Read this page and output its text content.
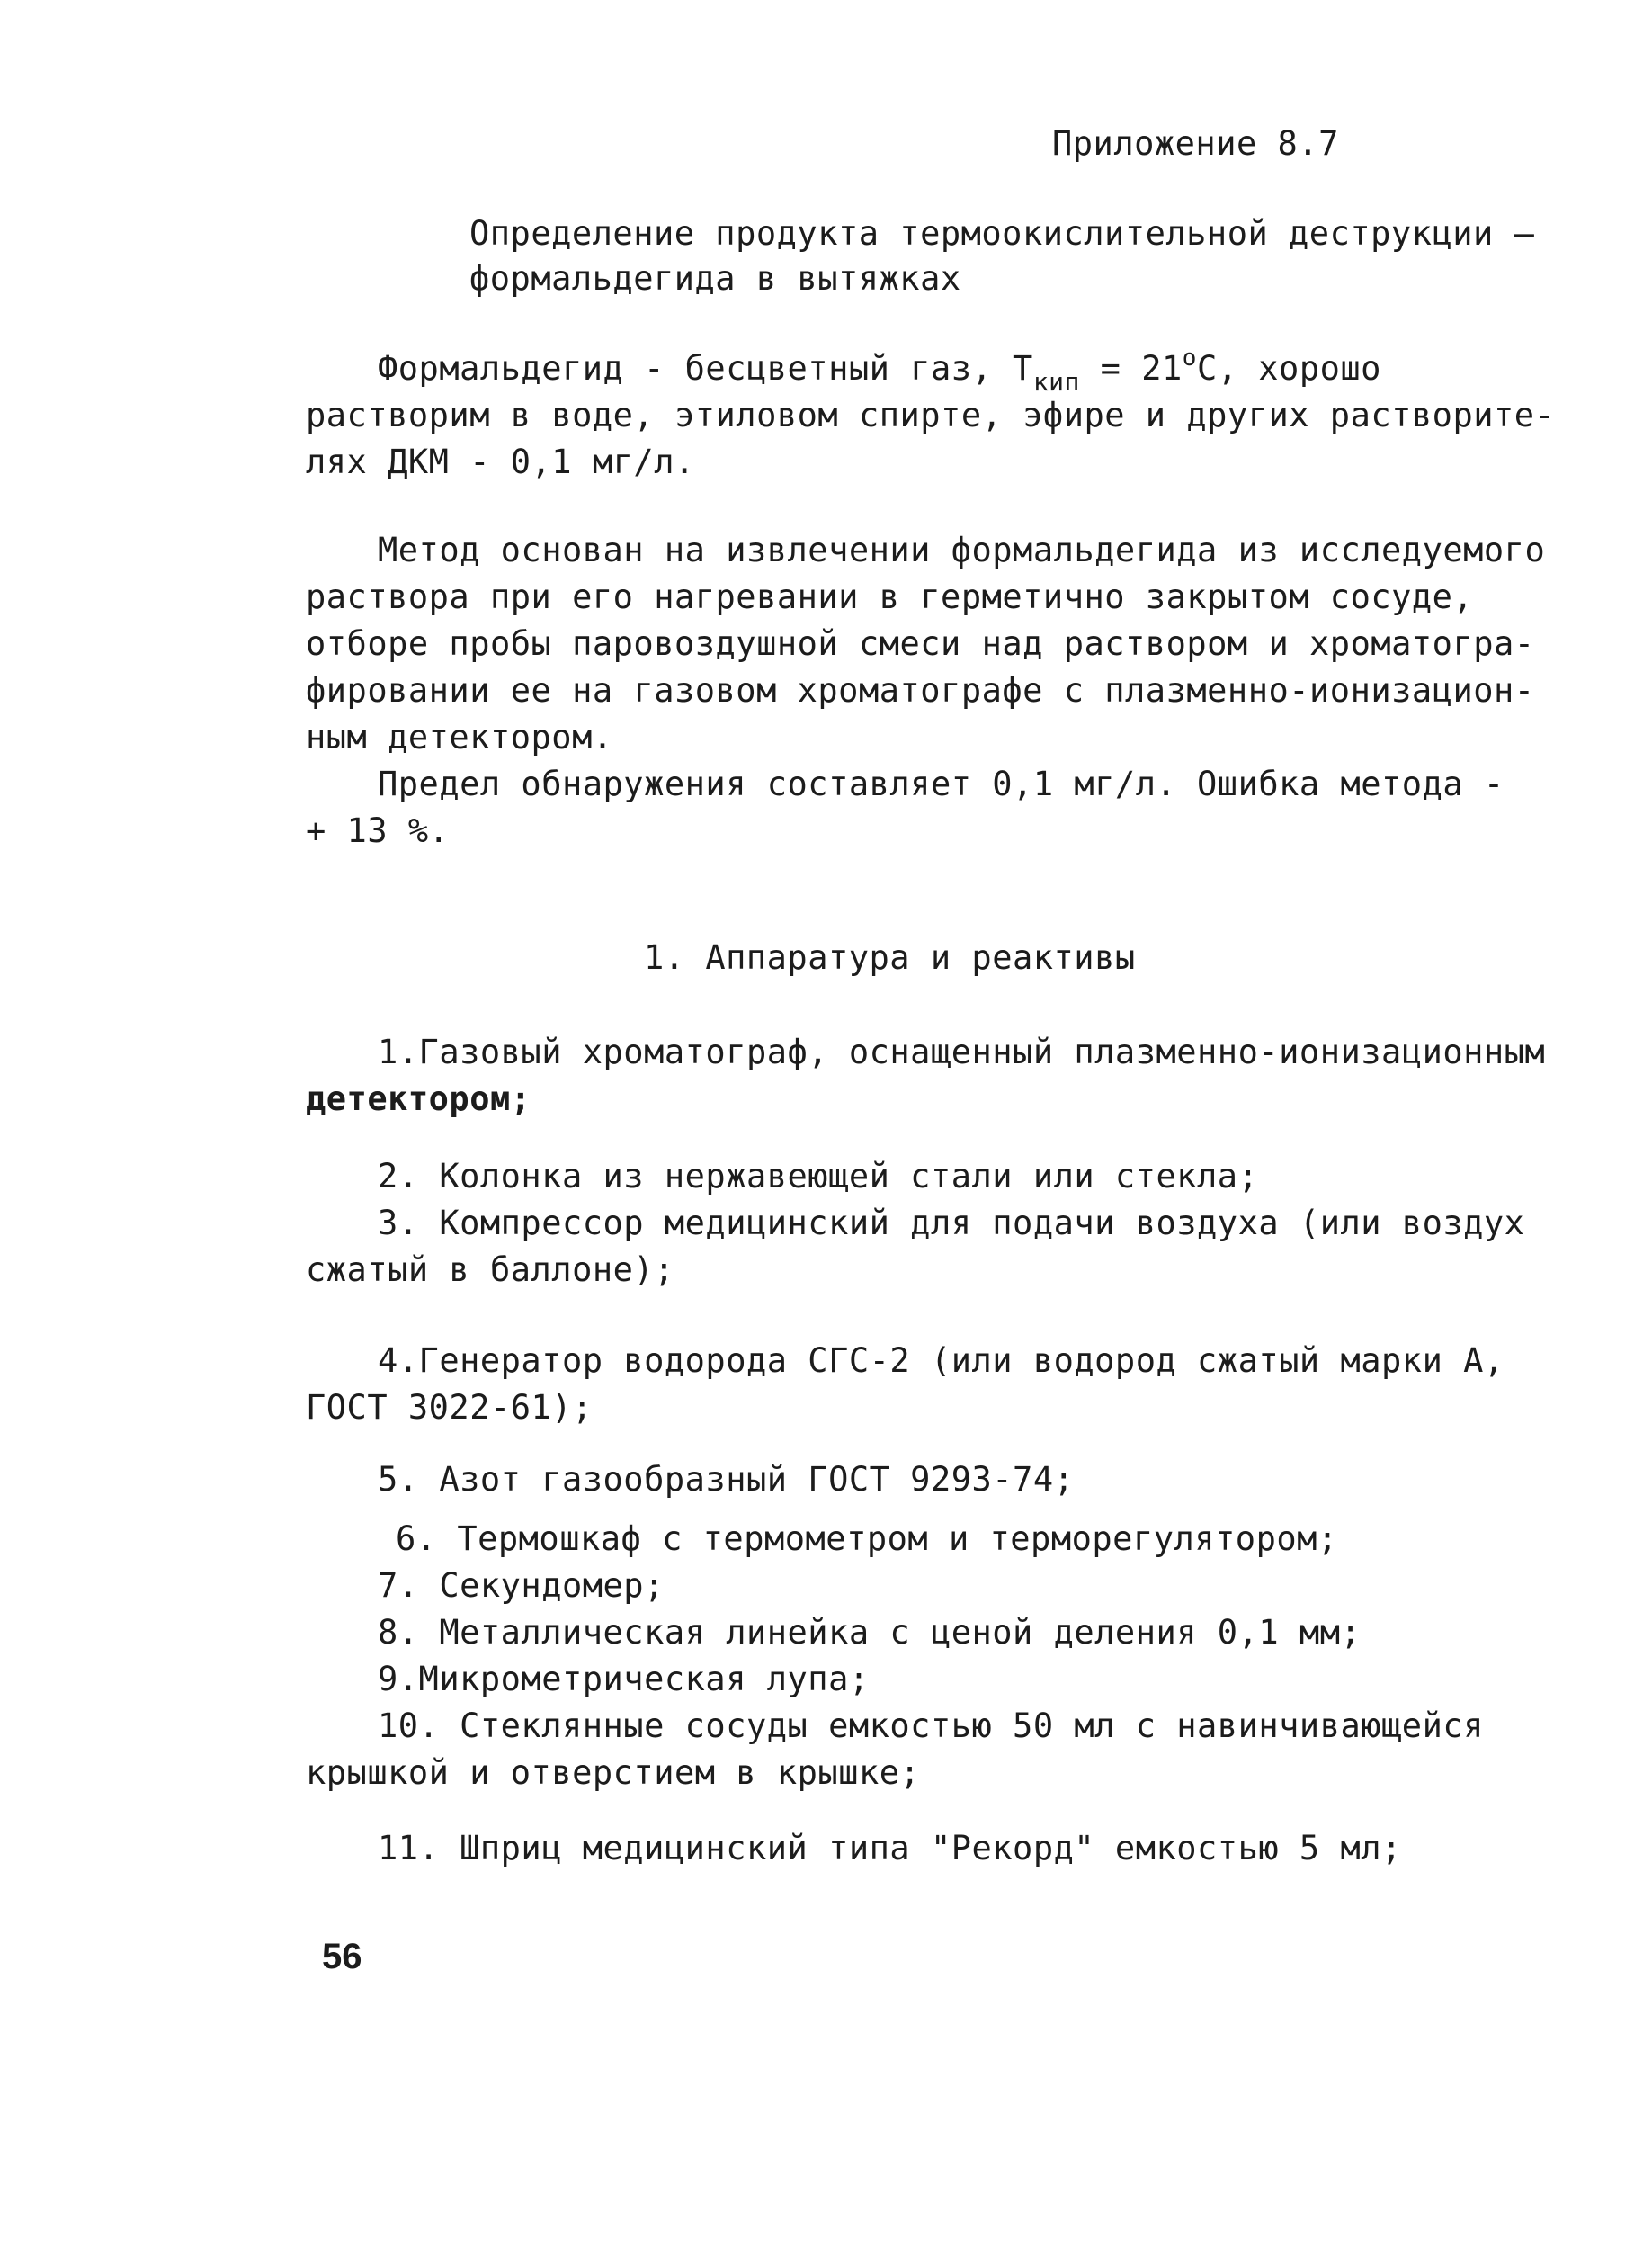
Приложение 8.7
Определение продукта термоокислительной деструкции —
формальдегида в вытяжках
Формальдегид - бесцветный газ, $Т_{кип} = 21^оС$, хорошо
растворим в воде, этиловом спирте, эфире и других растворите-
лях ДКМ - 0,1 мг/л.
Метод основан на извлечении формальдегида из исследуемого
раствора при его нагревании в герметично закрытом сосуде,
отборе пробы паровоздушной смеси над раствором и хроматогра-
фировании ее на газовом хроматографе с плазменно-ионизацион-
ным детектором.
Предел обнаружения составляет 0,1 мг/л. Ошибка метода -
+ 13 %.
1. Аппаратура и реактивы
1.Газовый хроматограф, оснащенный плазменно-ионизационным
детектором;
2. Колонка из нержавеющей стали или стекла;
3. Компрессор медицинский для подачи воздуха (или воздух
сжатый в баллоне);
4.Генератор водорода СГС-2 (или водород сжатый марки А,
ГОСТ 3022-61);
5. Азот газообразный ГОСТ 9293-74;
6. Термошкаф с термометром и терморегулятором;
7. Секундомер;
8. Металлическая линейка с ценой деления 0,1 мм;
9.Микрометрическая лупа;
10. Стеклянные сосуды емкостью 50 мл с навинчивающейся
крышкой и отверстием в крышке;
11. Шприц медицинский типа "Рекорд" емкостью 5 мл;
56
